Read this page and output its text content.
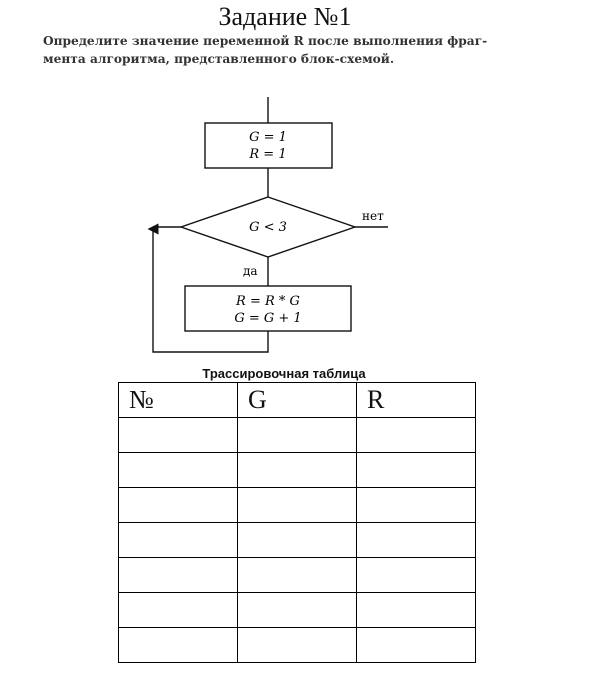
Задание №1
Определите значение переменной R после выполнения фраг-
мента алгоритма, представленного блок-схемой.
G = 1
R = 1
G < 3
нет
да
R = R * G
G = G + 1
Трассировочная таблица
№	G	R
